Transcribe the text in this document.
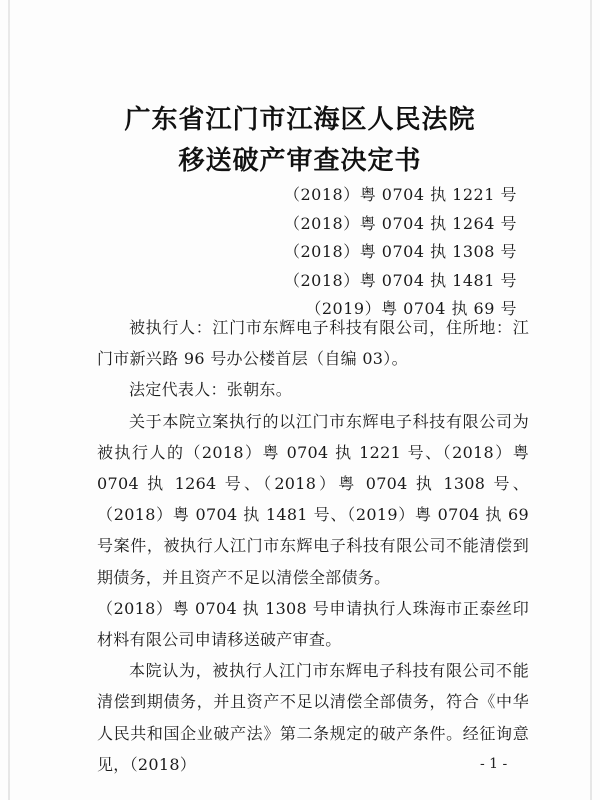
广东省江门市江海区人民法院
移送破产审查决定书
（2018）粤 0704 执 1221 号
（2018）粤 0704 执 1264 号
（2018）粤 0704 执 1308 号
（2018）粤 0704 执 1481 号
（2019）粤 0704 执 69 号

被执行人：江门市东辉电子科技有限公司，住所地：江门市新兴路 96 号办公楼首层（自编 03）。

法定代表人：张朝东。

关于本院立案执行的以江门市东辉电子科技有限公司为被执行人的（2018）粤 0704 执 1221 号、（2018）粤 0704 执 1264 号、（2018）粤 0704 执 1308 号、（2018）粤 0704 执 1481 号、（2019）粤 0704 执 69 号案件，被执行人江门市东辉电子科技有限公司不能清偿到期债务，并且资产不足以清偿全部债务。

（2018）粤 0704 执 1308 号申请执行人珠海市正泰丝印材料有限公司申请移送破产审查。

本院认为，被执行人江门市东辉电子科技有限公司不能清偿到期债务，并且资产不足以清偿全部债务，符合《中华人民共和国企业破产法》第二条规定的破产条件。经征询意见，（2018）	- 1 -
